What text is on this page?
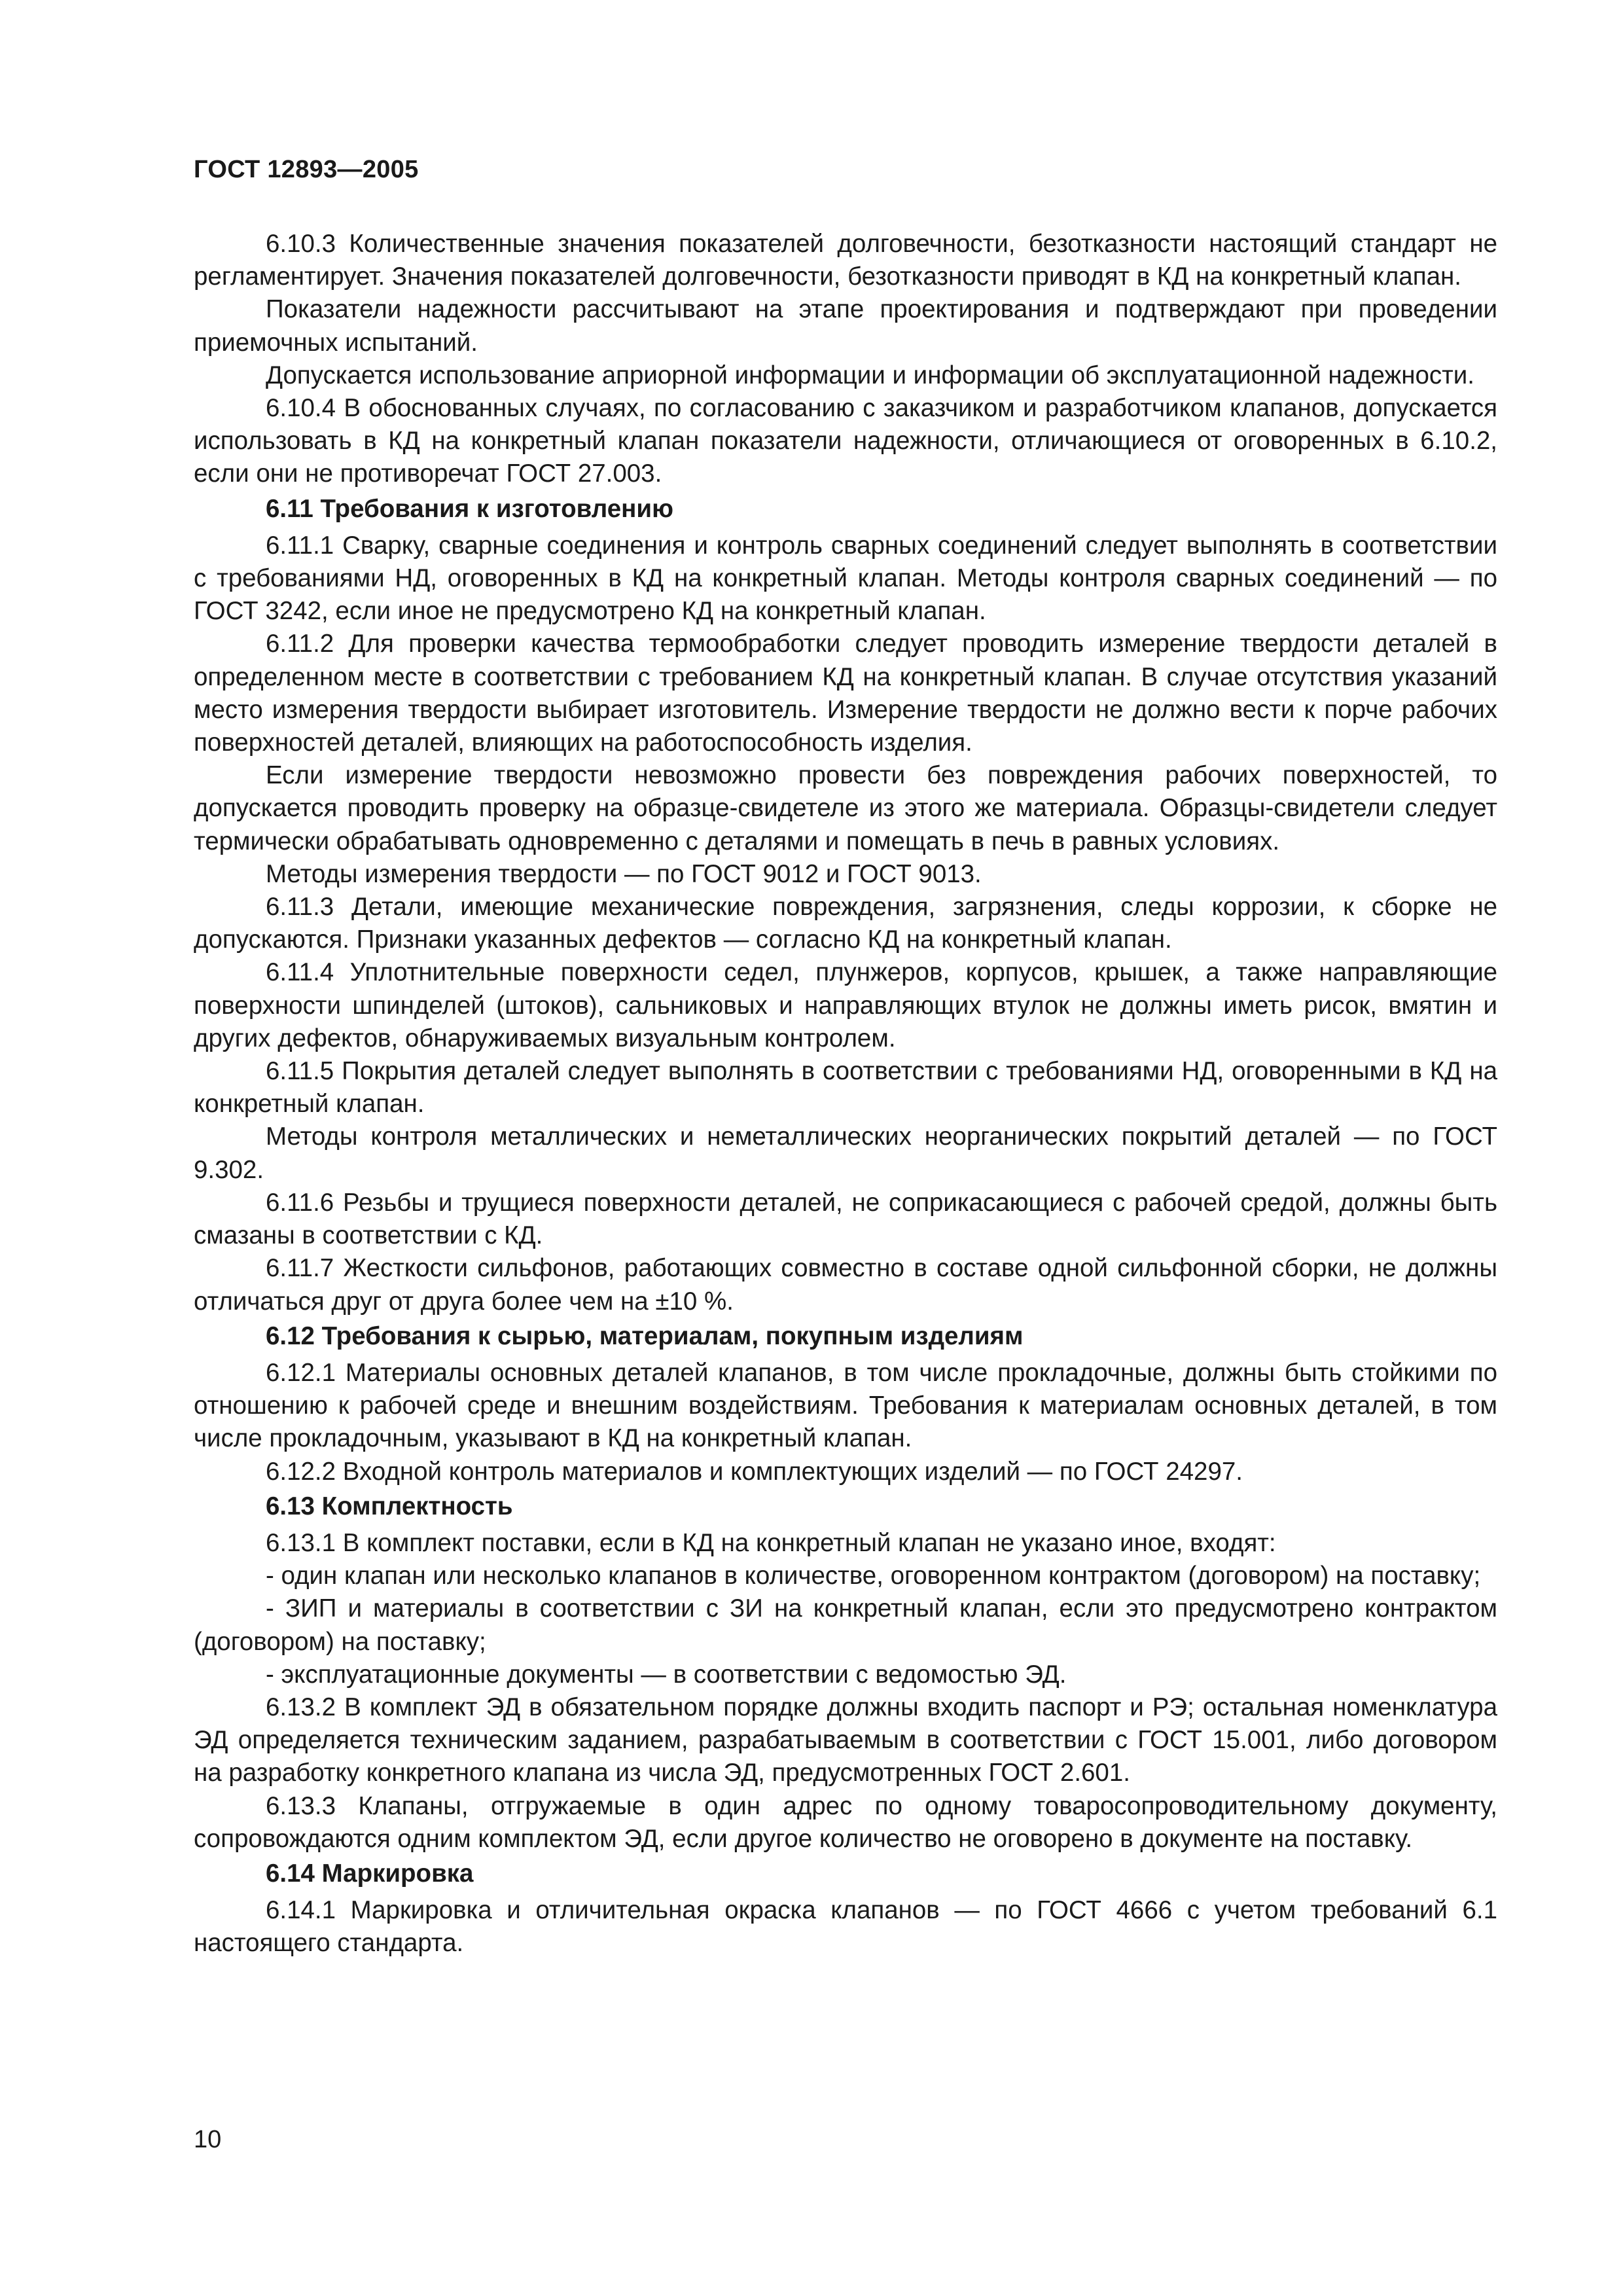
ГОСТ 12893—2005

6.10.3 Количественные значения показателей долговечности, безотказности настоящий стандарт не регламентирует. Значения показателей долговечности, безотказности приводят в КД на конкретный клапан.

Показатели надежности рассчитывают на этапе проектирования и подтверждают при проведении приемочных испытаний.

Допускается использование априорной информации и информации об эксплуатационной надежности.

6.10.4 В обоснованных случаях, по согласованию с заказчиком и разработчиком клапанов, допускается использовать в КД на конкретный клапан показатели надежности, отличающиеся от оговоренных в 6.10.2, если они не противоречат ГОСТ 27.003.

6.11 Требования к изготовлению

6.11.1 Сварку, сварные соединения и контроль сварных соединений следует выполнять в соответствии с требованиями НД, оговоренных в КД на конкретный клапан. Методы контроля сварных соединений — по ГОСТ 3242, если иное не предусмотрено КД на конкретный клапан.

6.11.2 Для проверки качества термообработки следует проводить измерение твердости деталей в определенном месте в соответствии с требованием КД на конкретный клапан. В случае отсутствия указаний место измерения твердости выбирает изготовитель. Измерение твердости не должно вести к порче рабочих поверхностей деталей, влияющих на работоспособность изделия.

Если измерение твердости невозможно провести без повреждения рабочих поверхностей, то допускается проводить проверку на образце-свидетеле из этого же материала. Образцы-свидетели следует термически обрабатывать одновременно с деталями и помещать в печь в равных условиях.

Методы измерения твердости — по ГОСТ 9012 и ГОСТ 9013.

6.11.3 Детали, имеющие механические повреждения, загрязнения, следы коррозии, к сборке не допускаются. Признаки указанных дефектов — согласно КД на конкретный клапан.

6.11.4 Уплотнительные поверхности седел, плунжеров, корпусов, крышек, а также направляющие поверхности шпинделей (штоков), сальниковых и направляющих втулок не должны иметь рисок, вмятин и других дефектов, обнаруживаемых визуальным контролем.

6.11.5 Покрытия деталей следует выполнять в соответствии с требованиями НД, оговоренными в КД на конкретный клапан.

Методы контроля металлических и неметаллических неорганических покрытий деталей — по ГОСТ 9.302.

6.11.6 Резьбы и трущиеся поверхности деталей, не соприкасающиеся с рабочей средой, должны быть смазаны в соответствии с КД.

6.11.7 Жесткости сильфонов, работающих совместно в составе одной сильфонной сборки, не должны отличаться друг от друга более чем на ±10 %.

6.12 Требования к сырью, материалам, покупным изделиям

6.12.1 Материалы основных деталей клапанов, в том числе прокладочные, должны быть стойкими по отношению к рабочей среде и внешним воздействиям. Требования к материалам основных деталей, в том числе прокладочным, указывают в КД на конкретный клапан.

6.12.2 Входной контроль материалов и комплектующих изделий — по ГОСТ 24297.

6.13 Комплектность

6.13.1 В комплект поставки, если в КД на конкретный клапан не указано иное, входят:

- один клапан или несколько клапанов в количестве, оговоренном контрактом (договором) на поставку;

- ЗИП и материалы в соответствии с ЗИ на конкретный клапан, если это предусмотрено контрактом (договором) на поставку;

- эксплуатационные документы — в соответствии с ведомостью ЭД.

6.13.2 В комплект ЭД в обязательном порядке должны входить паспорт и РЭ; остальная номенклатура ЭД определяется техническим заданием, разрабатываемым в соответствии с ГОСТ 15.001, либо договором на разработку конкретного клапана из числа ЭД, предусмотренных ГОСТ 2.601.

6.13.3 Клапаны, отгружаемые в один адрес по одному товаросопроводительному документу, сопровождаются одним комплектом ЭД, если другое количество не оговорено в документе на поставку.

6.14 Маркировка

6.14.1 Маркировка и отличительная окраска клапанов — по ГОСТ 4666 с учетом требований 6.1 настоящего стандарта.

10
